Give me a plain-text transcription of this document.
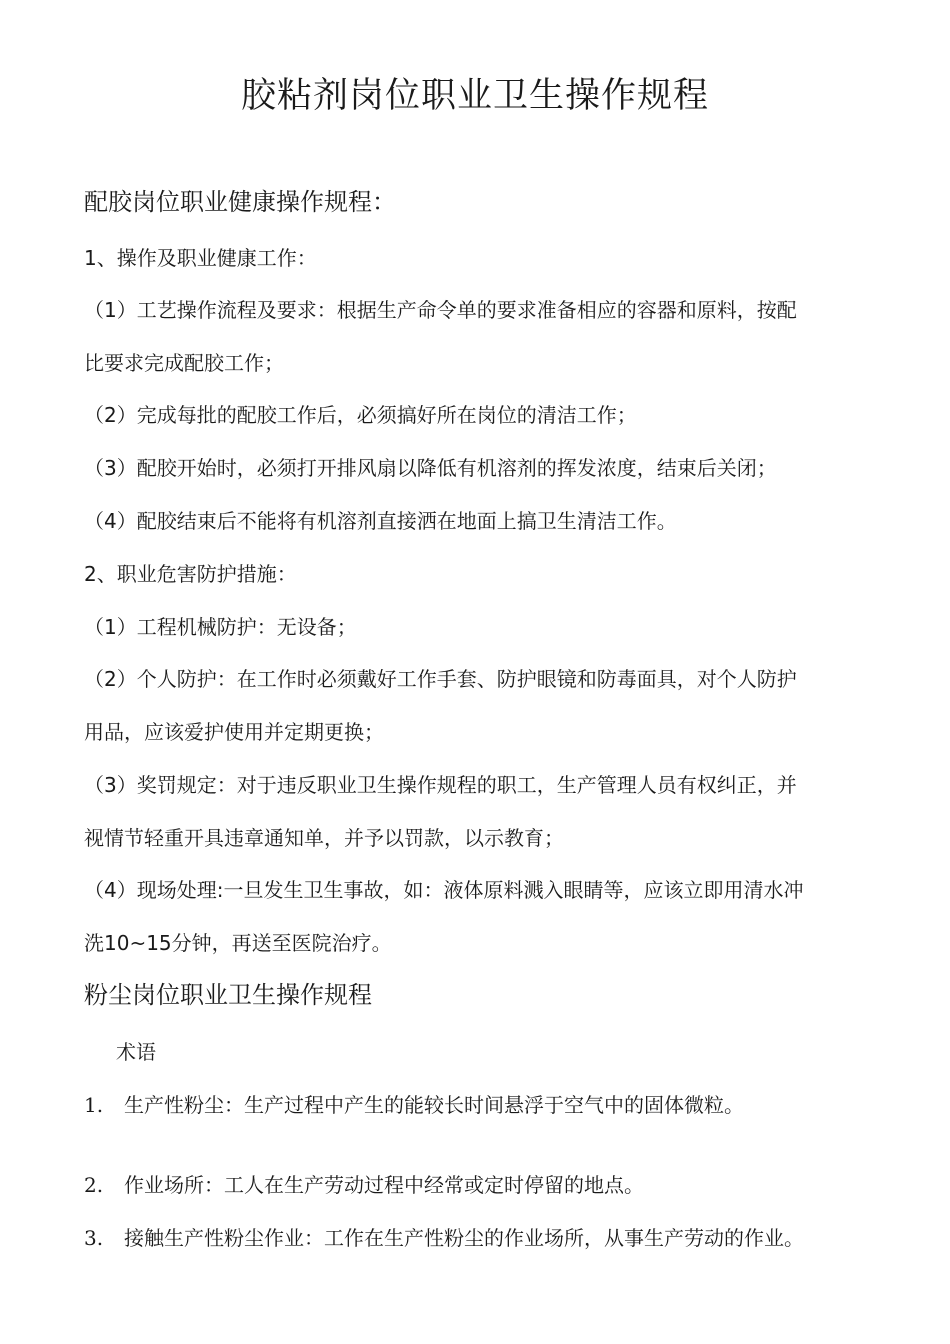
胶粘剂岗位职业卫生操作规程
配胶岗位职业健康操作规程：

1、操作及职业健康工作：

（1）工艺操作流程及要求：根据生产命令单的要求准备相应的容器和原料，按配

比要求完成配胶工作；

（2）完成每批的配胶工作后，必须搞好所在岗位的清洁工作；

（3）配胶开始时，必须打开排风扇以降低有机溶剂的挥发浓度，结束后关闭；

（4）配胶结束后不能将有机溶剂直接洒在地面上搞卫生清洁工作。

2、职业危害防护措施：

（1）工程机械防护：无设备；

（2）个人防护：在工作时必须戴好工作手套、防护眼镜和防毒面具，对个人防护

用品，应该爱护使用并定期更换；

（3）奖罚规定：对于违反职业卫生操作规程的职工，生产管理人员有权纠正，并

视情节轻重开具违章通知单，并予以罚款，以示教育；

（4）现场处理:一旦发生卫生事故，如：液体原料溅入眼睛等，应该立即用清水冲

洗10~15分钟，再送至医院治疗。

粉尘岗位职业卫生操作规程

术语

1. 生产性粉尘：生产过程中产生的能较长时间悬浮于空气中的固体微粒。

2. 作业场所：工人在生产劳动过程中经常或定时停留的地点。

3. 接触生产性粉尘作业：工作在生产性粉尘的作业场所，从事生产劳动的作业。
